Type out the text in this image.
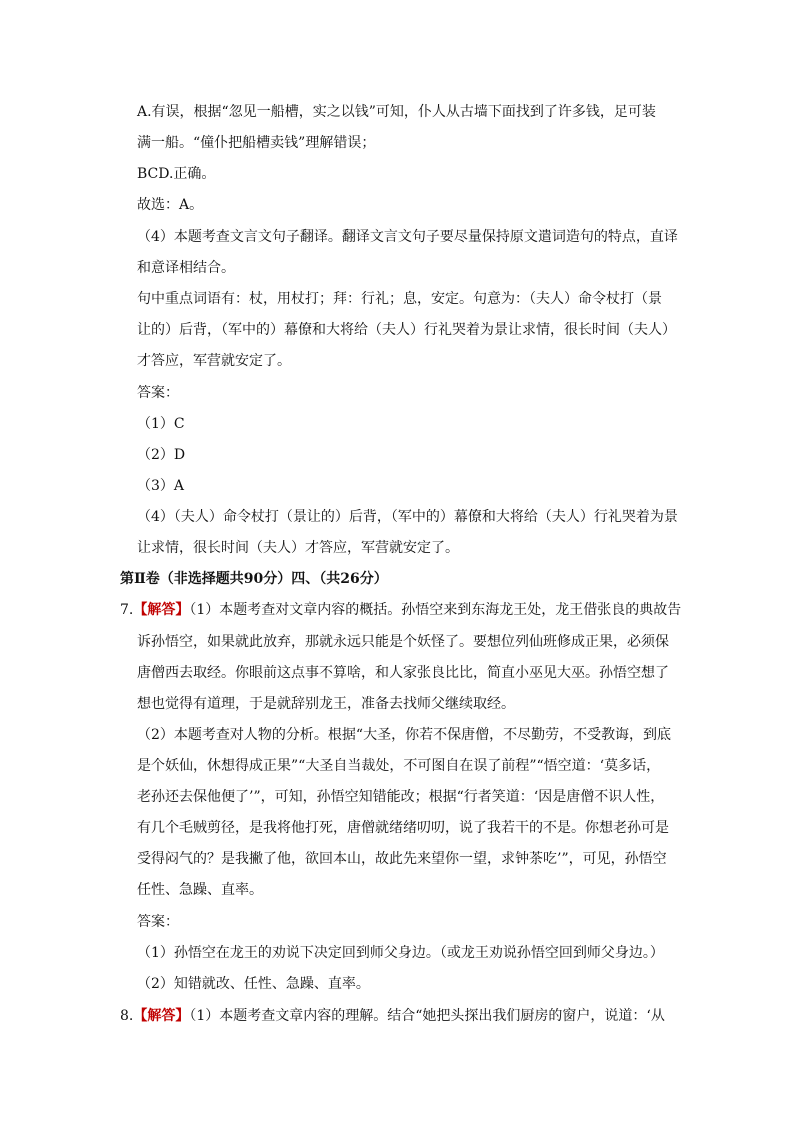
A.有误，根据“忽见一船槽，实之以钱”可知，仆人从古墙下面找到了许多钱，足可装
满一船。“僮仆把船槽卖钱”理解错误；
BCD.正确。
故选：A。
（4）本题考查文言文句子翻译。翻译文言文句子要尽量保持原文遣词造句的特点，直译
和意译相结合。
句中重点词语有：杖，用杖打；拜：行礼；息，安定。句意为：（夫人）命令杖打（景
让的）后背，（军中的）幕僚和大将给（夫人）行礼哭着为景让求情，很长时间（夫人）
才答应，军营就安定了。
答案：
（1）C
（2）D
（3）A
（4）（夫人）命令杖打（景让的）后背，（军中的）幕僚和大将给（夫人）行礼哭着为景
让求情，很长时间（夫人）才答应，军营就安定了。
第Ⅱ卷（非选择题共90分）四、（共26分）
7.【解答】（1）本题考查对文章内容的概括。孙悟空来到东海龙王处，龙王借张良的典故告
诉孙悟空，如果就此放弃，那就永远只能是个妖怪了。要想位列仙班修成正果，必须保
唐僧西去取经。你眼前这点事不算啥，和人家张良比比，简直小巫见大巫。孙悟空想了
想也觉得有道理，于是就辞别龙王，准备去找师父继续取经。
（2）本题考查对人物的分析。根据“大圣，你若不保唐僧，不尽勤劳，不受教诲，到底
是个妖仙，休想得成正果”“大圣自当裁处，不可图自在误了前程”“悟空道：‘莫多话，
老孙还去保他便了’”，可知，孙悟空知错能改；根据“行者笑道：‘因是唐僧不识人性，
有几个毛贼剪径，是我将他打死，唐僧就绪绪叨叨，说了我若干的不是。你想老孙可是
受得闷气的？是我撇了他，欲回本山，故此先来望你一望，求钟茶吃’”，可见，孙悟空
任性、急躁、直率。
答案：
（1）孙悟空在龙王的劝说下决定回到师父身边。（或龙王劝说孙悟空回到师父身边。）
（2）知错就改、任性、急躁、直率。
8.【解答】（1）本题考查文章内容的理解。结合“她把头探出我们厨房的窗户，说道：‘从
